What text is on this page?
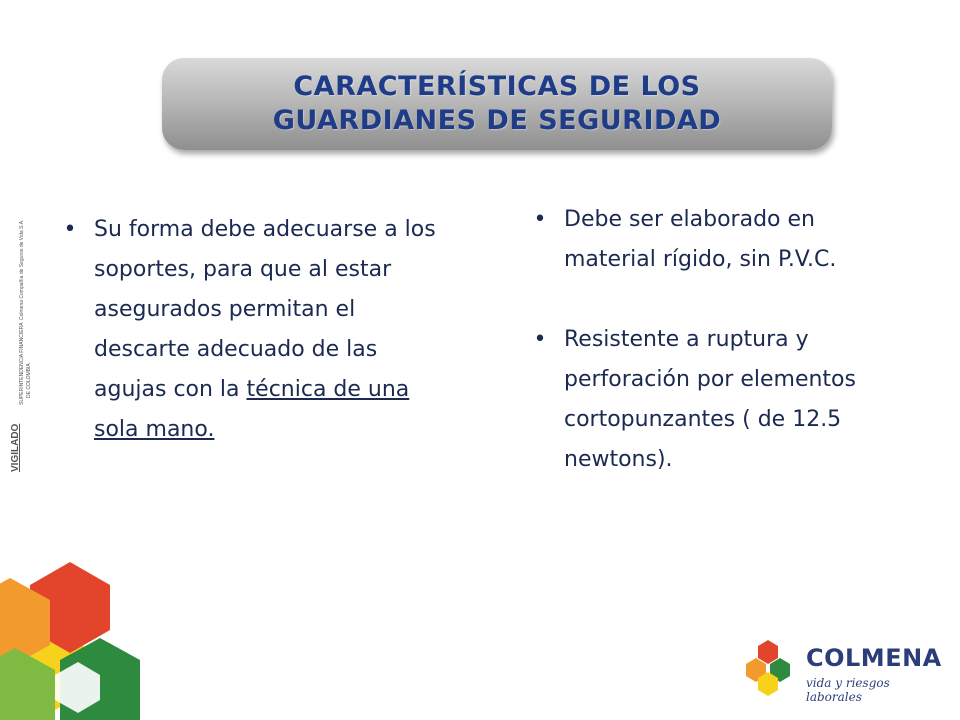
CARACTERÍSTICAS DE LOS
GUARDIANES DE SEGURIDAD
VIGILADO
SUPERINTENDENCIA FINANCIERA DE COLOMBIA
Colmena Compañía de Seguros de Vida S.A. • Su forma debe adecuarse a los soportes, para que al estar asegurados permitan el descarte adecuado de las agujas con la técnica de una sola mano.
• Debe ser elaborado en material rígido, sin P.V.C.
• Resistente a ruptura y perforación por elementos cortopunzantes ( de 12.5 newtons).
COLMENA
vida y riesgos laborales
